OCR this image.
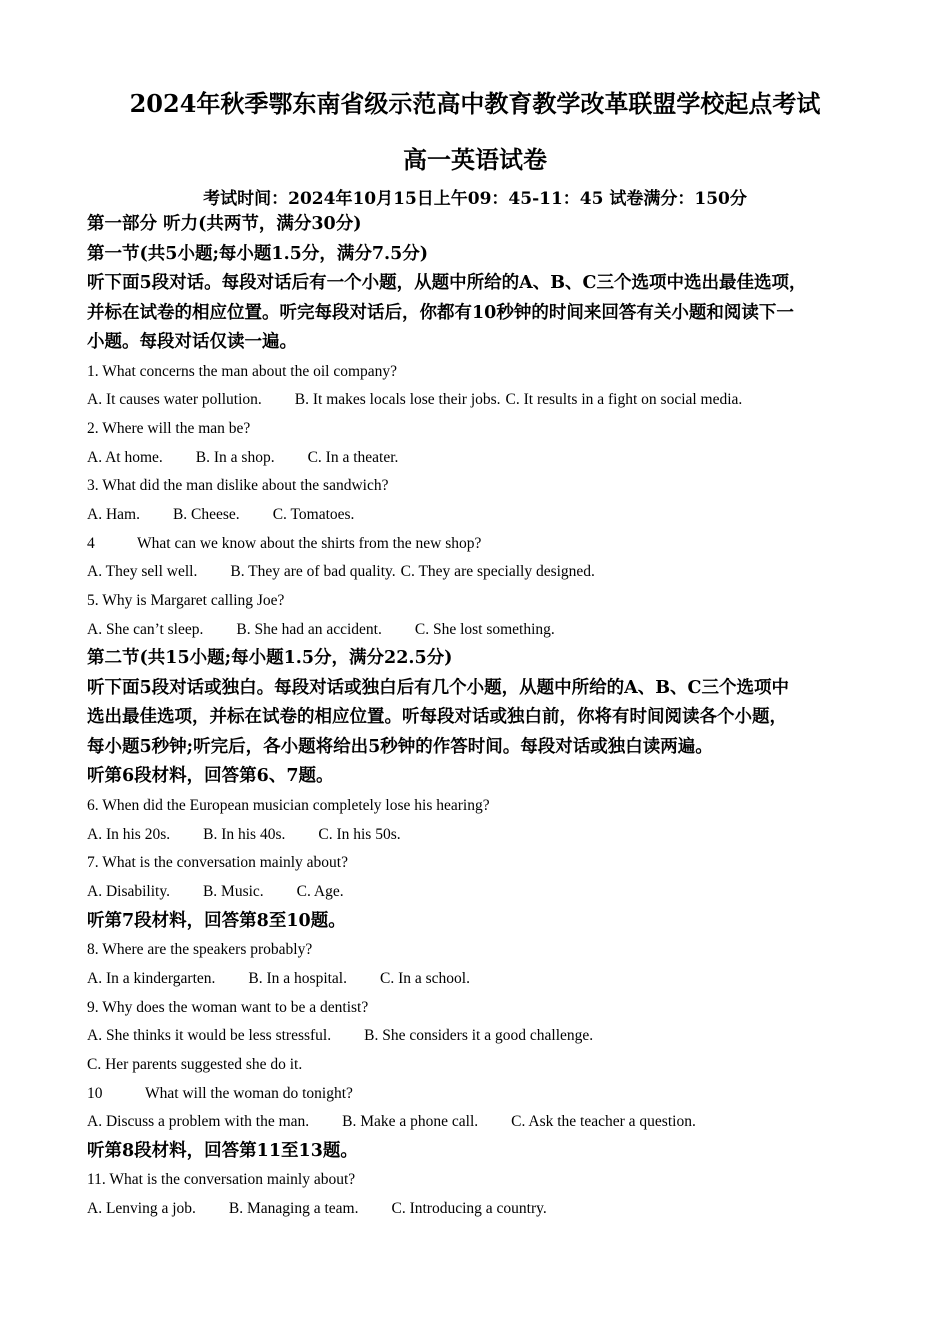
2024年秋季鄂东南省级示范高中教育教学改革联盟学校起点考试
高一英语试卷
考试时间：2024年10月15日上午09：45-11：45 试卷满分：150分
第一部分 听力(共两节，满分30分)
第一节(共5小题;每小题1.5分，满分7.5分)
听下面5段对话。每段对话后有一个小题，从题中所给的A、B、C三个选项中选出最佳选项，
并标在试卷的相应位置。听完每段对话后，你都有10秒钟的时间来回答有关小题和阅读下一
小题。每段对话仅读一遍。
1. What concerns the man about the oil company?
A. It causes water pollution. B. It makes locals lose their jobs. C. It results in a fight on social media.
2. Where will the man be?
A. At home. B. In a shop. C. In a theater.
3. What did the man dislike about the sandwich?
A. Ham. B. Cheese. C. Tomatoes.
4	What can we know about the shirts from the new shop?
A. They sell well. B. They are of bad quality. C. They are specially designed.
5. Why is Margaret calling Joe?
A. She can’t sleep. B. She had an accident. C. She lost something.
第二节(共15小题;每小题1.5分，满分22.5分)
听下面5段对话或独白。每段对话或独白后有几个小题，从题中所给的A、B、C三个选项中
选出最佳选项，并标在试卷的相应位置。听每段对话或独白前，你将有时间阅读各个小题，
每小题5秒钟;听完后，各小题将给出5秒钟的作答时间。每段对话或独白读两遍。
听第6段材料，回答第6、7题。
6. When did the European musician completely lose his hearing?
A. In his 20s. B. In his 40s. C. In his 50s.
7. What is the conversation mainly about?
A. Disability. B. Music. C. Age.
听第7段材料，回答第8至10题。
8. Where are the speakers probably?
A. In a kindergarten. B. In a hospital. C. In a school.
9. Why does the woman want to be a dentist?
A. She thinks it would be less stressful. B. She considers it a good challenge.
C. Her parents suggested she do it.
10	What will the woman do tonight?
A. Discuss a problem with the man. B. Make a phone call. C. Ask the teacher a question.
听第8段材料，回答第11至13题。
11. What is the conversation mainly about?
A. Lenving a job. B. Managing a team. C. Introducing a country.
